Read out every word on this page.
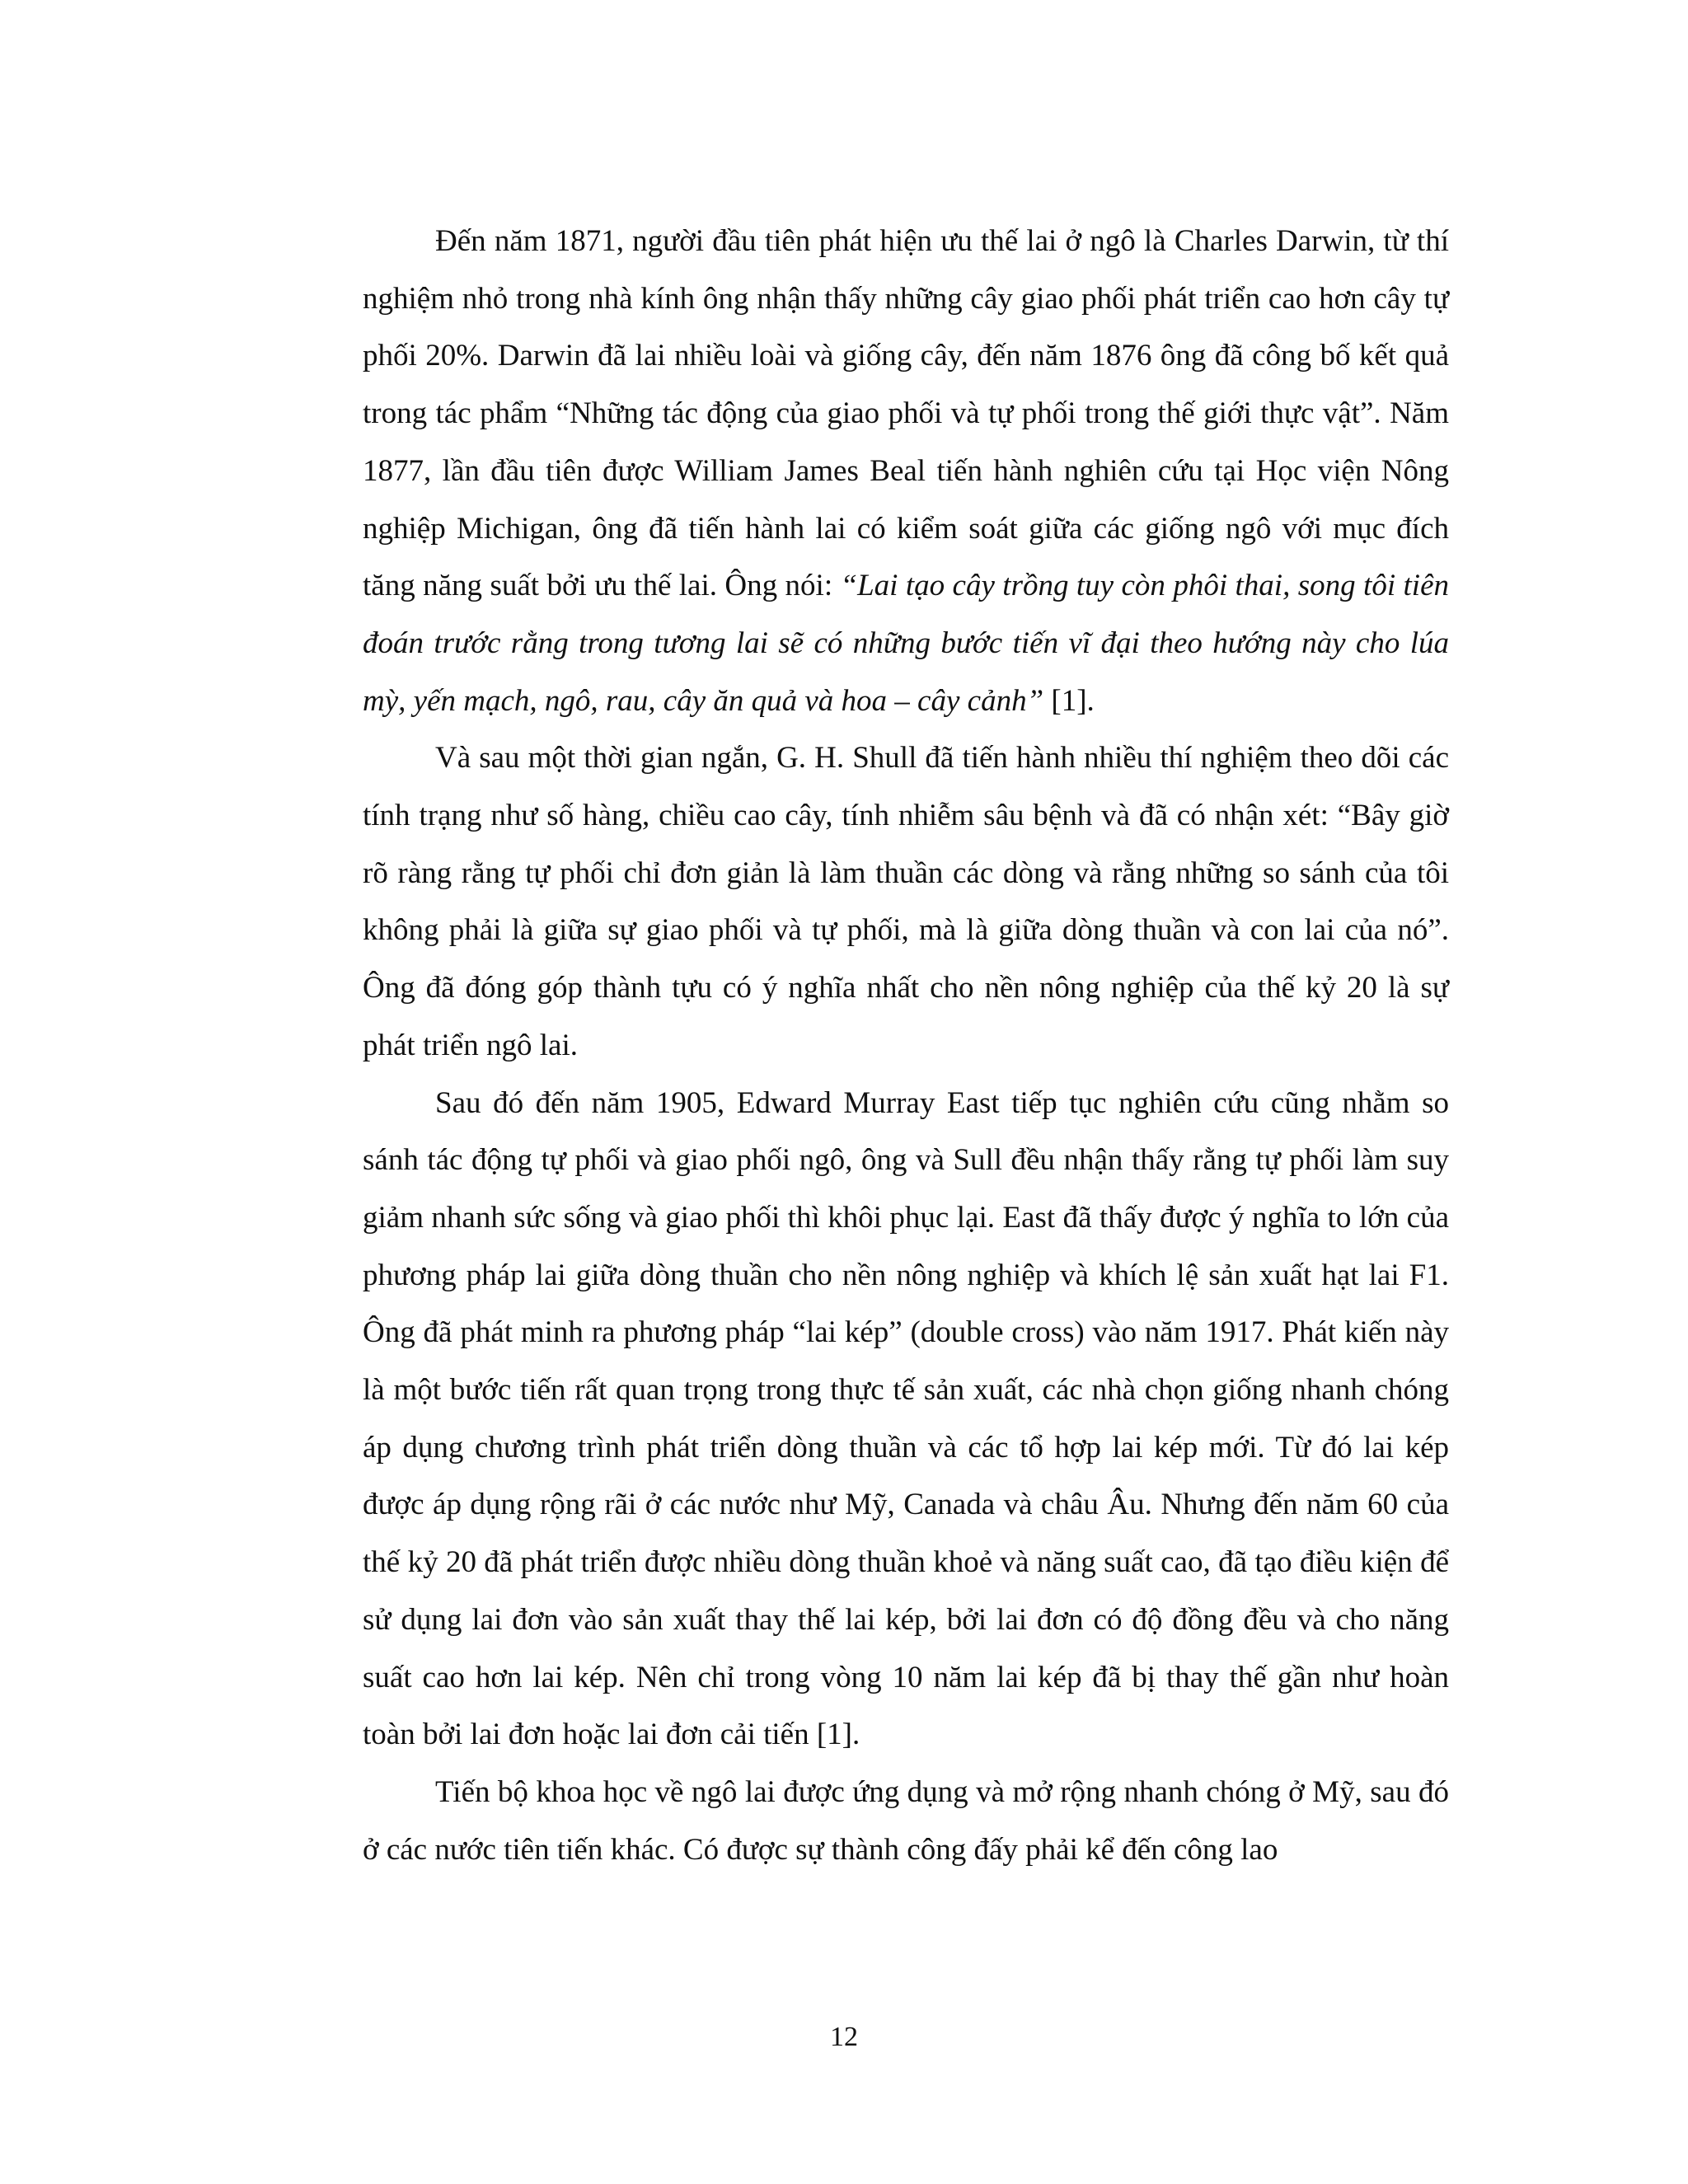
Đến năm 1871, người đầu tiên phát hiện ưu thế lai ở ngô là Charles Darwin, từ thí nghiệm nhỏ trong nhà kính ông nhận thấy những cây giao phối phát triển cao hơn cây tự phối 20%. Darwin đã lai nhiều loài và giống cây, đến năm 1876 ông đã công bố kết quả trong tác phẩm “Những tác động của giao phối và tự phối trong thế giới thực vật”. Năm 1877, lần đầu tiên được William James Beal tiến hành nghiên cứu tại Học viện Nông nghiệp Michigan, ông đã tiến hành lai có kiểm soát giữa các giống ngô với mục đích tăng năng suất bởi ưu thế lai. Ông nói: “Lai tạo cây trồng tuy còn phôi thai, song tôi tiên đoán trước rằng trong tương lai sẽ có những bước tiến vĩ đại theo hướng này cho lúa mỳ, yến mạch, ngô, rau, cây ăn quả và hoa – cây cảnh” [1].

Và sau một thời gian ngắn, G. H. Shull đã tiến hành nhiều thí nghiệm theo dõi các tính trạng như số hàng, chiều cao cây, tính nhiễm sâu bệnh và đã có nhận xét: “Bây giờ rõ ràng rằng tự phối chỉ đơn giản là làm thuần các dòng và rằng những so sánh của tôi không phải là giữa sự giao phối và tự phối, mà là giữa dòng thuần và con lai của nó”. Ông đã đóng góp thành tựu có ý nghĩa nhất cho nền nông nghiệp của thế kỷ 20 là sự phát triển ngô lai.

Sau đó đến năm 1905, Edward Murray East tiếp tục nghiên cứu cũng nhằm so sánh tác động tự phối và giao phối ngô, ông và Sull đều nhận thấy rằng tự phối làm suy giảm nhanh sức sống và giao phối thì khôi phục lại. East đã thấy được ý nghĩa to lớn của phương pháp lai giữa dòng thuần cho nền nông nghiệp và khích lệ sản xuất hạt lai F1. Ông đã phát minh ra phương pháp “lai kép” (double cross) vào năm 1917. Phát kiến này là một bước tiến rất quan trọng trong thực tế sản xuất, các nhà chọn giống nhanh chóng áp dụng chương trình phát triển dòng thuần và các tổ hợp lai kép mới. Từ đó lai kép được áp dụng rộng rãi ở các nước như Mỹ, Canada và châu Âu. Nhưng đến năm 60 của thế kỷ 20 đã phát triển được nhiều dòng thuần khoẻ và năng suất cao, đã tạo điều kiện để sử dụng lai đơn vào sản xuất thay thế lai kép, bởi lai đơn có độ đồng đều và cho năng suất cao hơn lai kép. Nên chỉ trong vòng 10 năm lai kép đã bị thay thế gần như hoàn toàn bởi lai đơn hoặc lai đơn cải tiến [1].

Tiến bộ khoa học về ngô lai được ứng dụng và mở rộng nhanh chóng ở Mỹ, sau đó ở các nước tiên tiến khác. Có được sự thành công đấy phải kể đến công lao

12
